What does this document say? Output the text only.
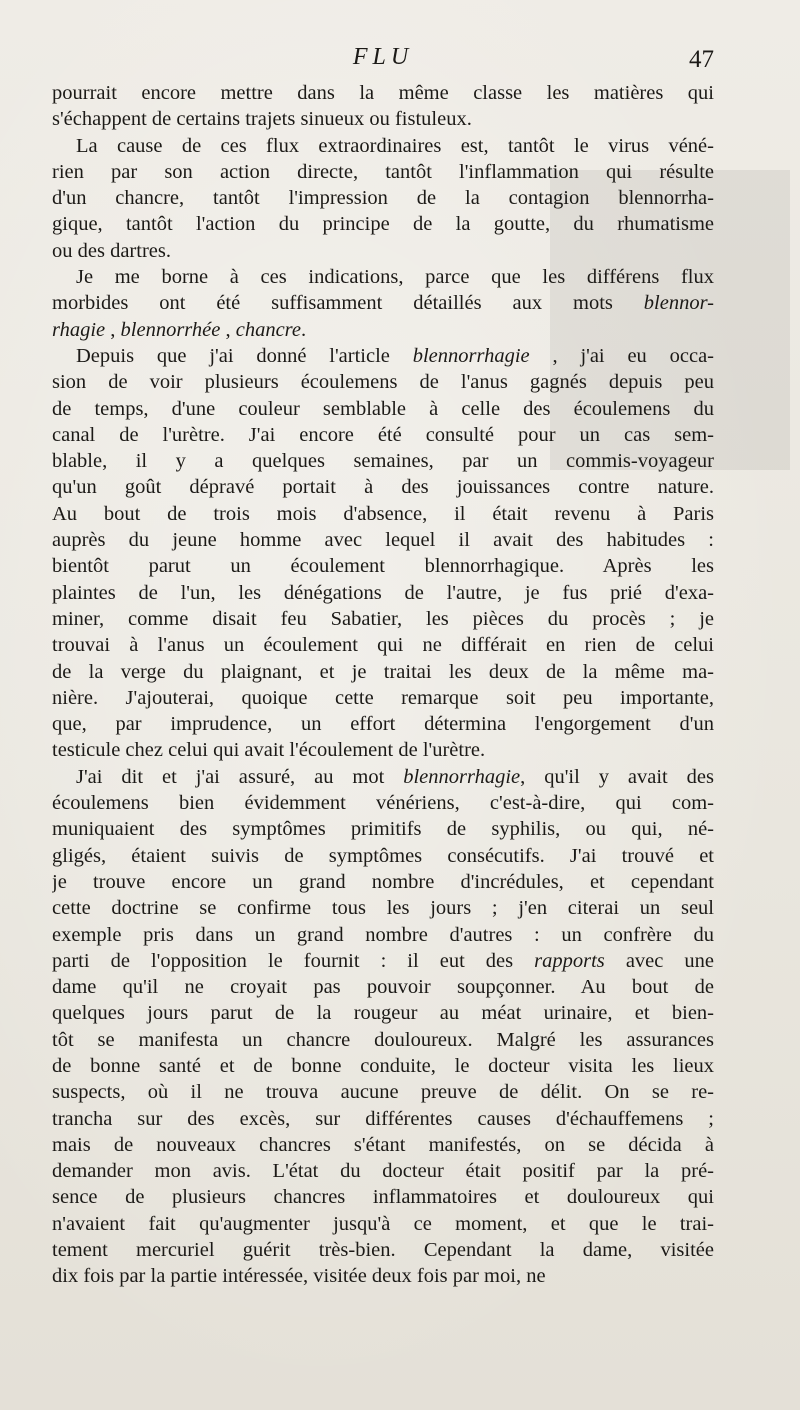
FLU	47
pourrait encore mettre dans la même classe les matières qui
s'échappent de certains trajets sinueux ou fistuleux.
La cause de ces flux extraordinaires est, tantôt le virus véné-
rien par son action directe, tantôt l'inflammation qui résulte
d'un chancre, tantôt l'impression de la contagion blennorrha-
gique, tantôt l'action du principe de la goutte, du rhumatisme
ou des dartres.
Je me borne à ces indications, parce que les différens flux
morbides ont été suffisamment détaillés aux mots blennor-
rhagie , blennorrhée , chancre.
Depuis que j'ai donné l'article blennorrhagie , j'ai eu occa-
sion de voir plusieurs écoulemens de l'anus gagnés depuis peu
de temps, d'une couleur semblable à celle des écoulemens du
canal de l'urètre. J'ai encore été consulté pour un cas sem-
blable, il y a quelques semaines, par un commis-voyageur
qu'un goût dépravé portait à des jouissances contre nature.
Au bout de trois mois d'absence, il était revenu à Paris
auprès du jeune homme avec lequel il avait des habitudes :
bientôt parut un écoulement blennorrhagique. Après les
plaintes de l'un, les dénégations de l'autre, je fus prié d'exa-
miner, comme disait feu Sabatier, les pièces du procès ; je
trouvai à l'anus un écoulement qui ne différait en rien de celui
de la verge du plaignant, et je traitai les deux de la même ma-
nière. J'ajouterai, quoique cette remarque soit peu importante,
que, par imprudence, un effort détermina l'engorgement d'un
testicule chez celui qui avait l'écoulement de l'urètre.
J'ai dit et j'ai assuré, au mot blennorrhagie, qu'il y avait des
écoulemens bien évidemment vénériens, c'est-à-dire, qui com-
muniquaient des symptômes primitifs de syphilis, ou qui, né-
gligés, étaient suivis de symptômes consécutifs. J'ai trouvé et
je trouve encore un grand nombre d'incrédules, et cependant
cette doctrine se confirme tous les jours ; j'en citerai un seul
exemple pris dans un grand nombre d'autres : un confrère du
parti de l'opposition le fournit : il eut des rapports avec une
dame qu'il ne croyait pas pouvoir soupçonner. Au bout de
quelques jours parut de la rougeur au méat urinaire, et bien-
tôt se manifesta un chancre douloureux. Malgré les assurances
de bonne santé et de bonne conduite, le docteur visita les lieux
suspects, où il ne trouva aucune preuve de délit. On se re-
trancha sur des excès, sur différentes causes d'échauffemens ;
mais de nouveaux chancres s'étant manifestés, on se décida à
demander mon avis. L'état du docteur était positif par la pré-
sence de plusieurs chancres inflammatoires et douloureux qui
n'avaient fait qu'augmenter jusqu'à ce moment, et que le trai-
tement mercuriel guérit très-bien. Cependant la dame, visitée
dix fois par la partie intéressée, visitée deux fois par moi, ne
